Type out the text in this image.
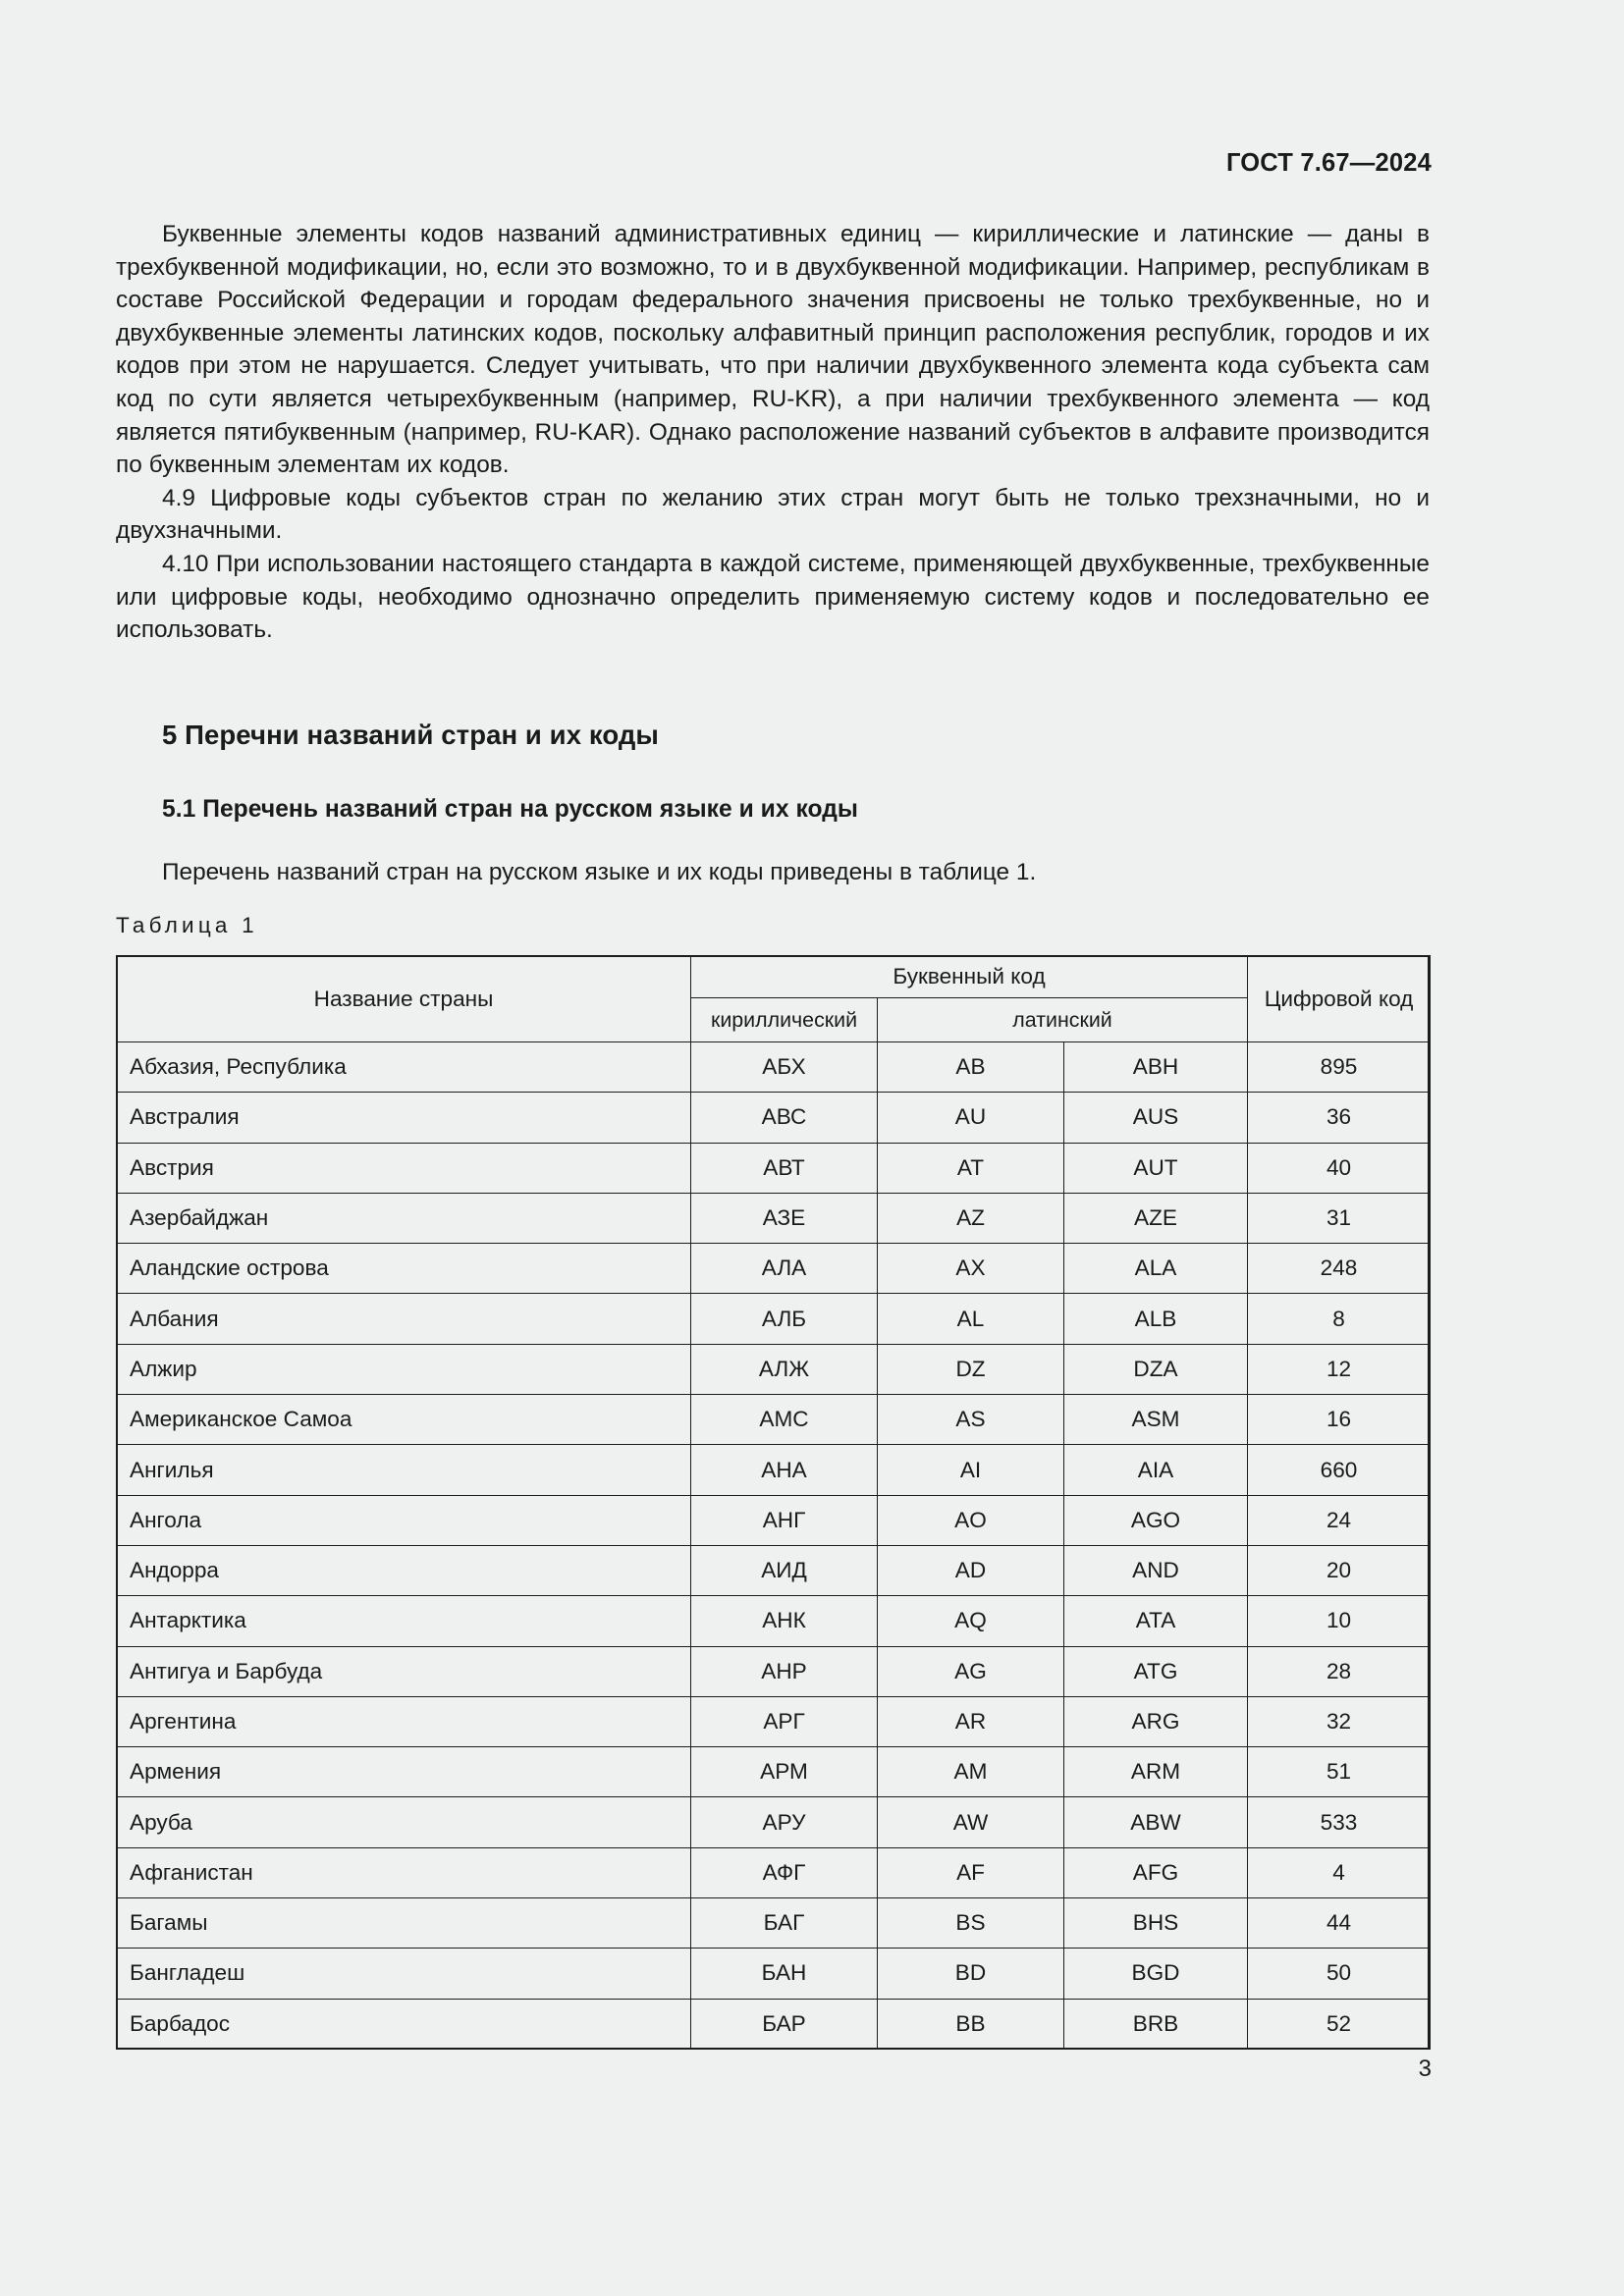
ГОСТ 7.67—2024

Буквенные элементы кодов названий административных единиц — кириллические и латинские — даны в трехбуквенной модификации, но, если это возможно, то и в двухбуквенной модификации. Например, республикам в составе Российской Федерации и городам федерального значения присвоены не только трехбуквенные, но и двухбуквенные элементы латинских кодов, поскольку алфавитный принцип расположения республик, городов и их кодов при этом не нарушается. Следует учитывать, что при наличии двухбуквенного элемента кода субъекта сам код по сути является четырехбуквенным (например, RU-KR), а при наличии трехбуквенного элемента — код является пятибуквенным (например, RU-KAR). Однако расположение названий субъектов в алфавите производится по буквенным элементам их кодов.

4.9 Цифровые коды субъектов стран по желанию этих стран могут быть не только трехзначными, но и двухзначными.

4.10 При использовании настоящего стандарта в каждой системе, применяющей двухбуквенные, трехбуквенные или цифровые коды, необходимо однозначно определить применяемую систему кодов и последовательно ее использовать.

5 Перечни названий стран и их коды
5.1 Перечень названий стран на русском языке и их коды

Перечень названий стран на русском языке и их коды приведены в таблице 1.

Таблица 1
Название страны	Буквенный код			Цифровой код
	кириллический	латинский		
Абхазия, Республика	АБХ	AB	ABH	895
Австралия	АВС	AU	AUS	36
Австрия	АВТ	AT	AUT	40
Азербайджан	АЗЕ	AZ	AZE	31
Аландские острова	АЛА	AX	ALA	248
Албания	АЛБ	AL	ALB	8
Алжир	АЛЖ	DZ	DZA	12
Американское Самоа	АМС	AS	ASM	16
Ангилья	АНА	AI	AIA	660
Ангола	АНГ	AO	AGO	24
Андорра	АИД	AD	AND	20
Антарктика	АНК	AQ	ATA	10
Антигуа и Барбуда	АНР	AG	ATG	28
Аргентина	АРГ	AR	ARG	32
Армения	АРМ	AM	ARM	51
Аруба	АРУ	AW	ABW	533
Афганистан	АФГ	AF	AFG	4
Багамы	БАГ	BS	BHS	44
Бангладеш	БАН	BD	BGD	50
Барбадос	БАР	BB	BRB	52
3
